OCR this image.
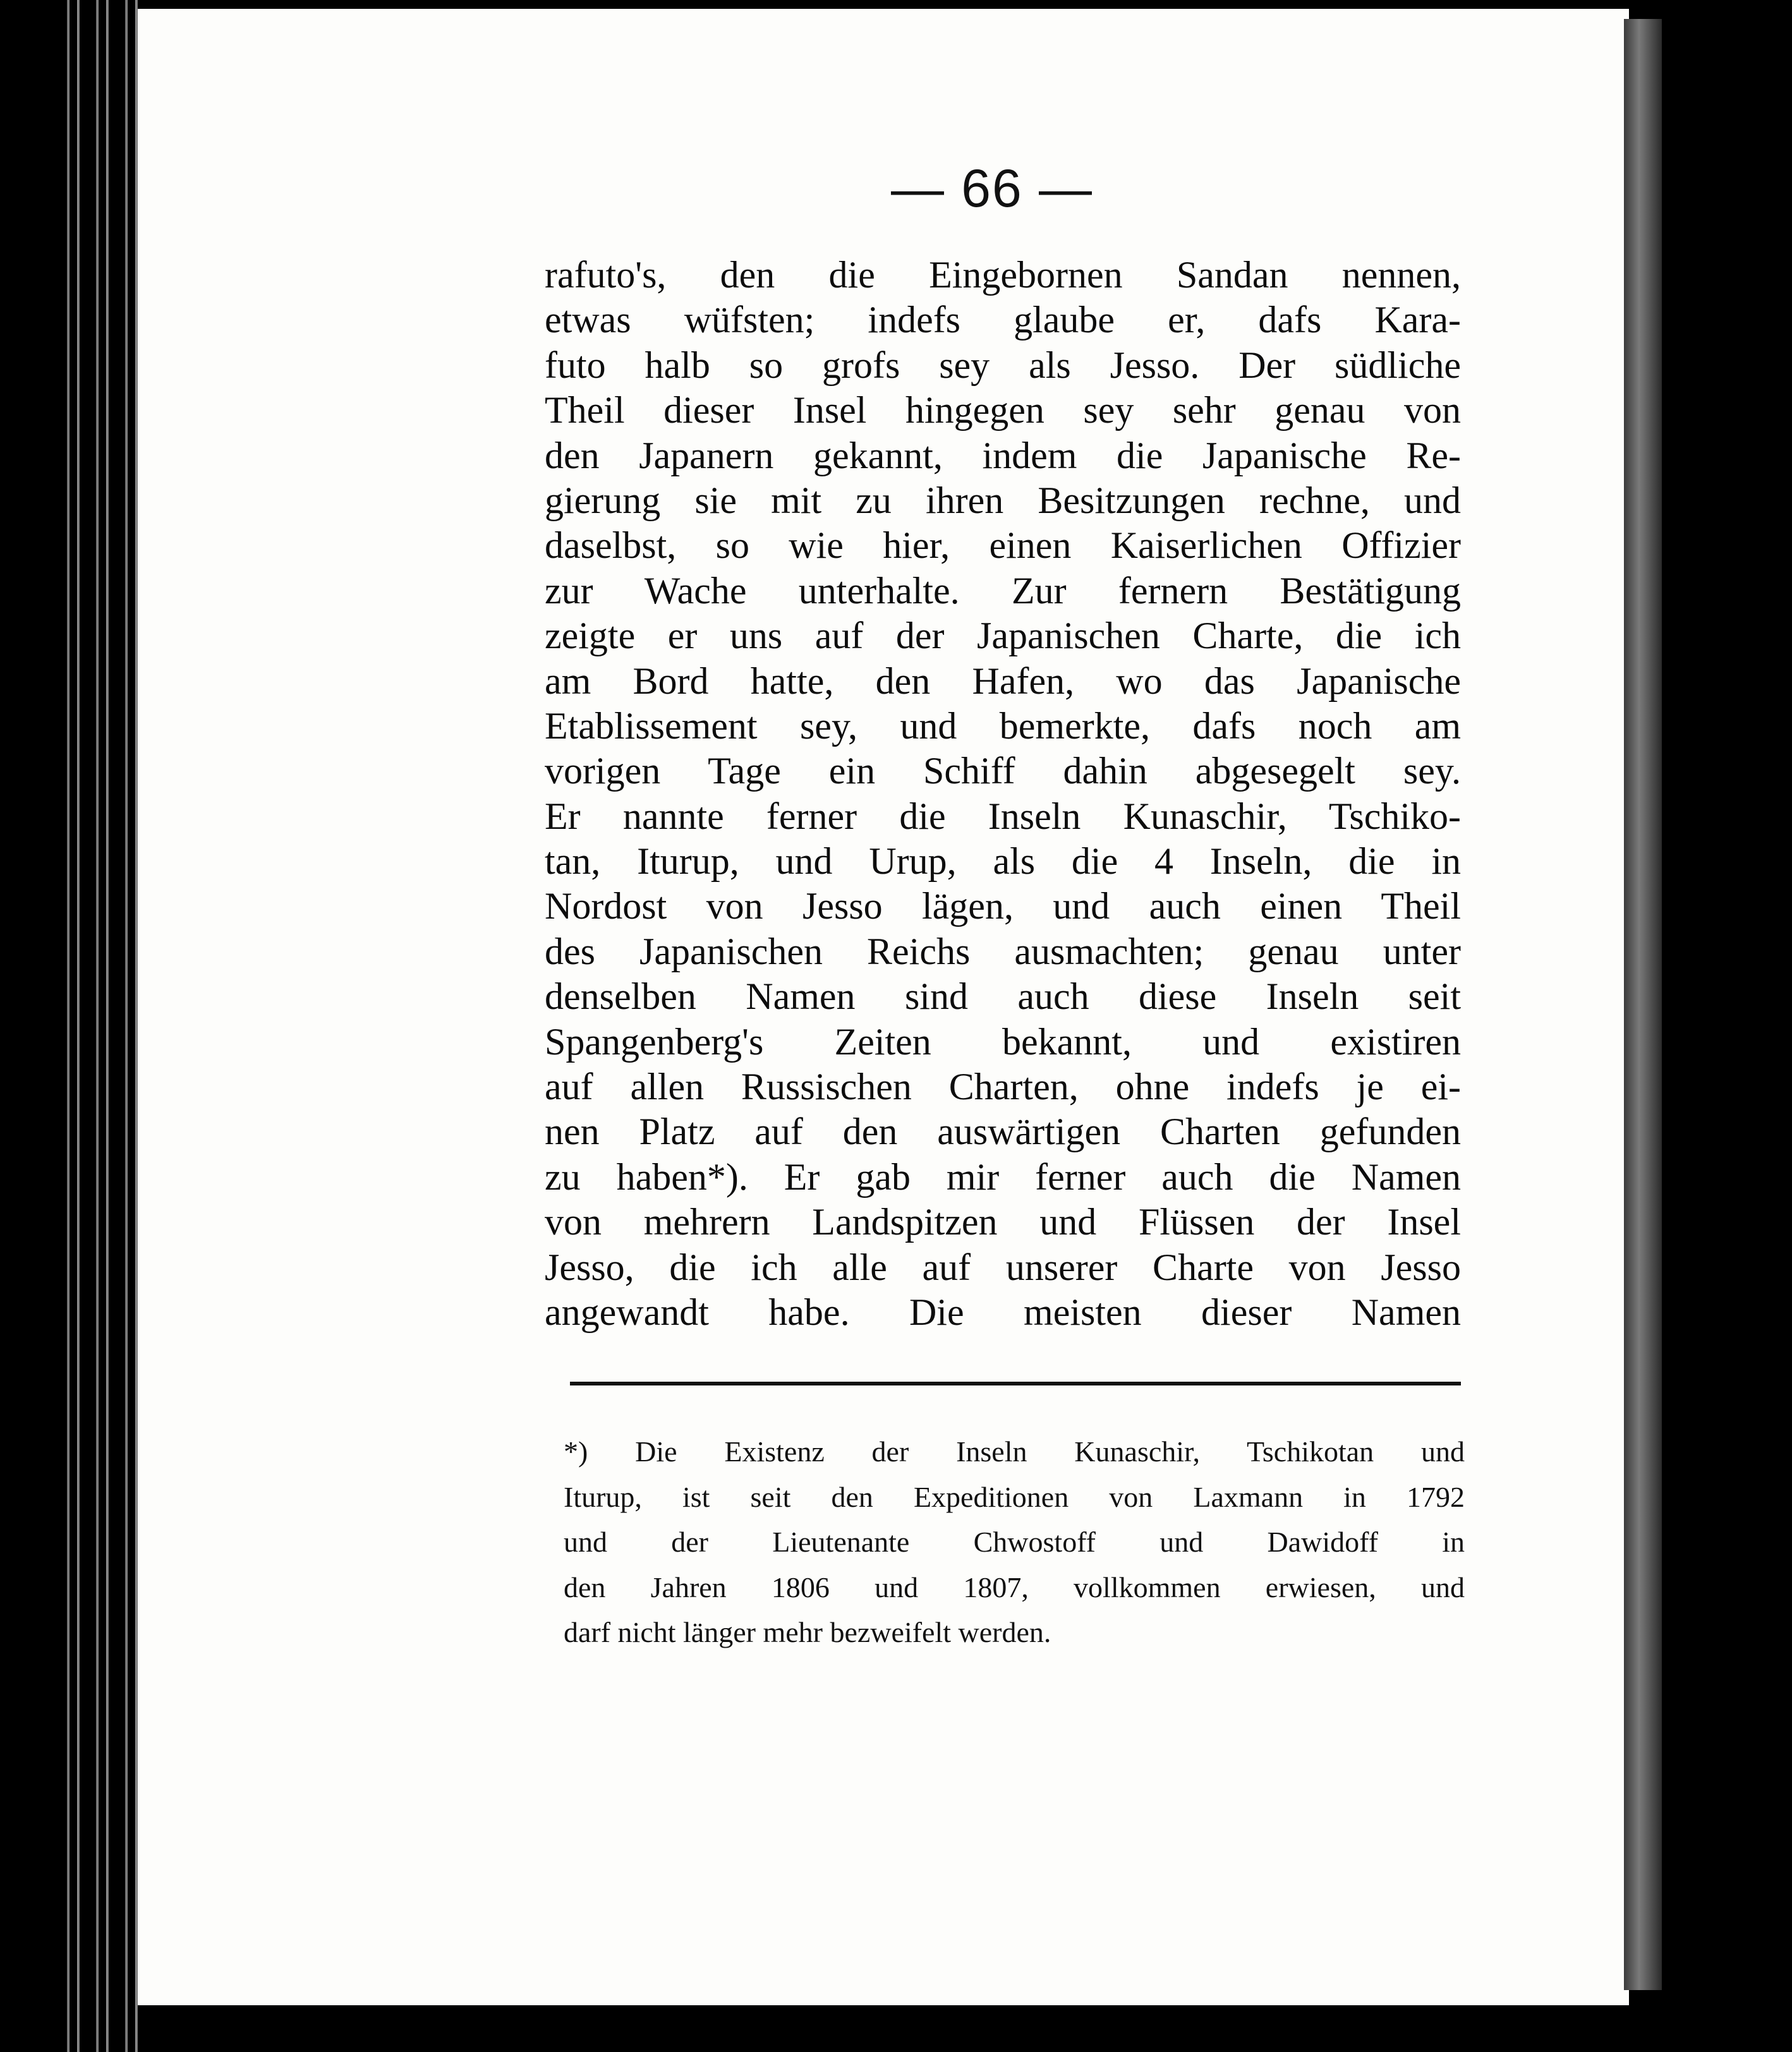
— 66 —
rafuto's, den die Eingebornen Sandan nennen,
etwas wüfsten; indefs glaube er, dafs Kara-
futo halb so grofs sey als Jesso. Der südliche
Theil dieser Insel hingegen sey sehr genau von
den Japanern gekannt, indem die Japanische Re-
gierung sie mit zu ihren Besitzungen rechne, und
daselbst, so wie hier, einen Kaiserlichen Offizier
zur Wache unterhalte. Zur fernern Bestätigung
zeigte er uns auf der Japanischen Charte, die ich
am Bord hatte, den Hafen, wo das Japanische
Etablissement sey, und bemerkte, dafs noch am
vorigen Tage ein Schiff dahin abgesegelt sey.
Er nannte ferner die Inseln Kunaschir, Tschiko-
tan, Iturup, und Urup, als die 4 Inseln, die in
Nordost von Jesso lägen, und auch einen Theil
des Japanischen Reichs ausmachten; genau unter
denselben Namen sind auch diese Inseln seit
Spangenberg's Zeiten bekannt, und existiren
auf allen Russischen Charten, ohne indefs je ei-
nen Platz auf den auswärtigen Charten gefunden
zu haben*). Er gab mir ferner auch die Namen
von mehrern Landspitzen und Flüssen der Insel
Jesso, die ich alle auf unserer Charte von Jesso
angewandt habe. Die meisten dieser Namen
*) Die Existenz der Inseln Kunaschir, Tschikotan und
Iturup, ist seit den Expeditionen von Laxmann in 1792
und der Lieutenante Chwostoff und Dawidoff in
den Jahren 1806 und 1807, vollkommen erwiesen, und
darf nicht länger mehr bezweifelt werden.
